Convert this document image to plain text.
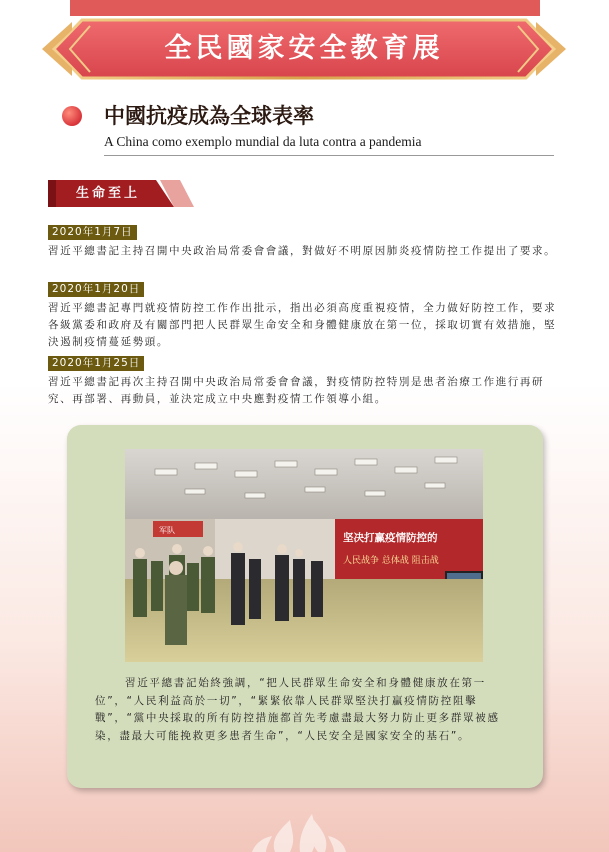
全民國家安全教育展
中國抗疫成為全球表率
A China como exemplo mundial da luta contra a pandemia
生命至上
2020年1月7日
習近平總書記主持召開中央政治局常委會會議，對做好不明原因肺炎疫情防控工作提出了要求。
2020年1月20日
習近平總書記專門就疫情防控工作作出批示，指出必須高度重視疫情，全力做好防控工作，要求各級黨委和政府及有關部門把人民群眾生命安全和身體健康放在第一位，採取切實有效措施，堅決遏制疫情蔓延勢頭。
2020年1月25日
習近平總書記再次主持召開中央政治局常委會會議，對疫情防控特別是患者治療工作進行再研究、再部署、再動員，並決定成立中央應對疫情工作領導小組。
坚决打赢疫情防控的
人民战争 总体战 阻击战
军队
習近平總書記始終強調，“把人民群眾生命安全和身體健康放在第一位”，“人民利益高於一切”，“緊緊依靠人民群眾堅決打贏疫情防控阻擊戰”，“黨中央採取的所有防控措施都首先考慮盡最大努力防止更多群眾被感染，盡最大可能挽救更多患者生命”，“人民安全是國家安全的基石”。
